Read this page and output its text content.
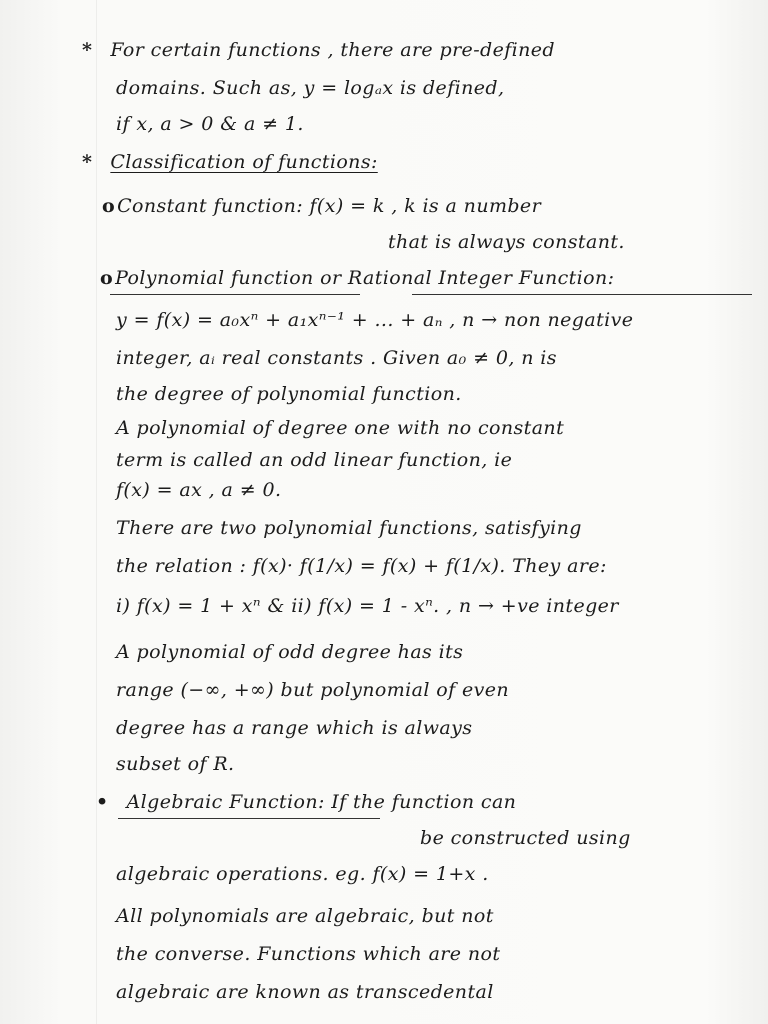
* For certain functions , there are pre-defined
domains. Such as, y = logₐx is defined,
if x, a > 0 & a ≠ 1.
* Classification of functions:
o Constant function: f(x) = k , k is a number
that is always constant.
o Polynomial function or Rational Integer Function:
y = f(x) = a₀xⁿ + a₁xⁿ⁻¹ + ... + aₙ , n → non negative
integer, aᵢ real constants . Given a₀ ≠ 0, n is
the degree of polynomial function.
A polynomial of degree one with no constant
term is called an odd linear function, ie
f(x) = ax , a ≠ 0.
There are two polynomial functions, satisfying
the relation : f(x)· f(1/x) = f(x) + f(1/x). They are:
i) f(x) = 1 + xⁿ & ii) f(x) = 1 - xⁿ. , n → +ve integer
A polynomial of odd degree has its
range (−∞, +∞) but polynomial of even
degree has a range which is always
subset of R.
• Algebraic Function: If the function can
be constructed using
algebraic operations. eg. f(x) = 1+x .
All polynomials are algebraic, but not
the converse. Functions which are not
algebraic are known as transcedental
